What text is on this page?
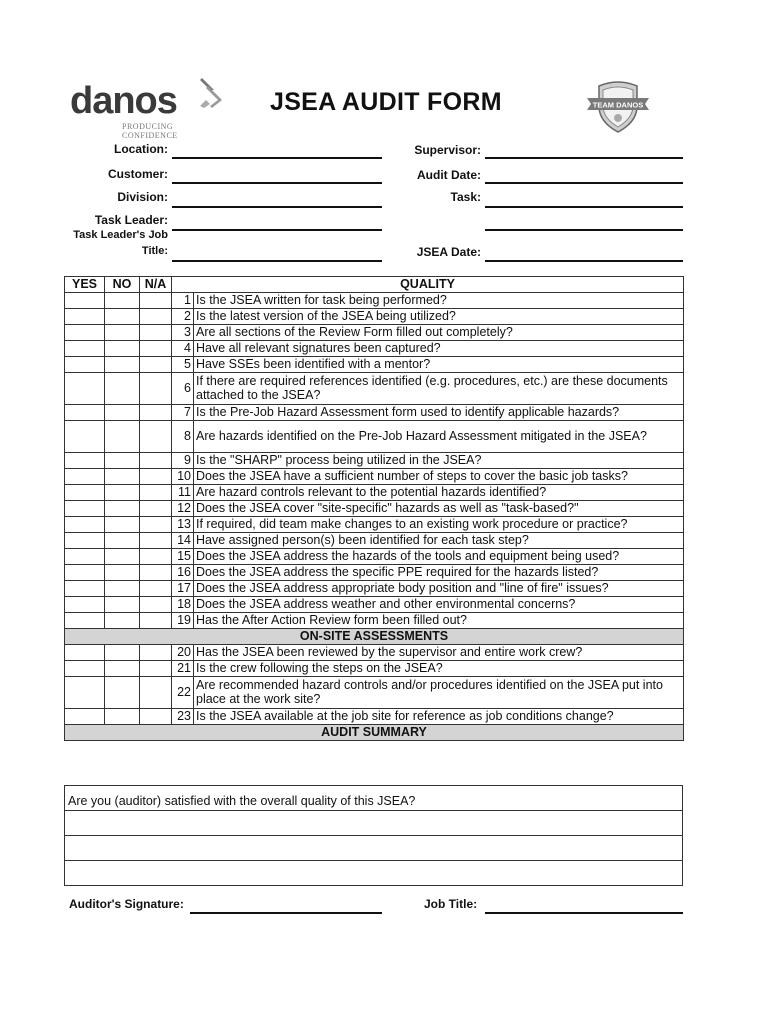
danos
PRODUCING CONFIDENCE
JSEA AUDIT FORM	TEAM DANOS
Location:
Customer:
Division:
Task Leader:
Task Leader's Job
Title:
Supervisor:
Audit Date:
Task:
JSEA Date:
YES	NO	N/A	QUALITY	
			1	Is the JSEA written for task being performed?
			2	Is the latest version of the JSEA being utilized?
			3	Are all sections of the Review Form filled out completely?
			4	Have all relevant signatures been captured?
			5	Have SSEs been identified with a mentor?
			6	If there are required references identified (e.g. procedures, etc.) are these documents attached to the JSEA?
			7	Is the Pre-Job Hazard Assessment form used to identify applicable hazards?
			8	Are hazards identified on the Pre-Job Hazard Assessment mitigated in the JSEA?
			9	Is the "SHARP" process being utilized in the JSEA?
			10	Does the JSEA have a sufficient number of steps to cover the basic job tasks?
			11	Are hazard controls relevant to the potential hazards identified?
			12	Does the JSEA cover "site-specific" hazards as well as "task-based?"
			13	If required, did team make changes to an existing work procedure or practice?
			14	Have assigned person(s) been identified for each task step?
			15	Does the JSEA address the hazards of the tools and equipment being used?
			16	Does the JSEA address the specific PPE required for the hazards listed?
			17	Does the JSEA address appropriate body position and "line of fire" issues?
			18	Does the JSEA address weather and other environmental concerns?
			19	Has the After Action Review form been filled out?
ON-SITE ASSESSMENTS				
			20	Has the JSEA been reviewed by the supervisor and entire work crew?
			21	Is the crew following the steps on the JSEA?
			22	Are recommended hazard controls and/or procedures identified on the JSEA put into place at the work site?
			23	Is the JSEA available at the job site for reference as job conditions change?
AUDIT SUMMARY				
Are you (auditor) satisfied with the overall quality of this JSEA?
Auditor's Signature:	Job Title:
